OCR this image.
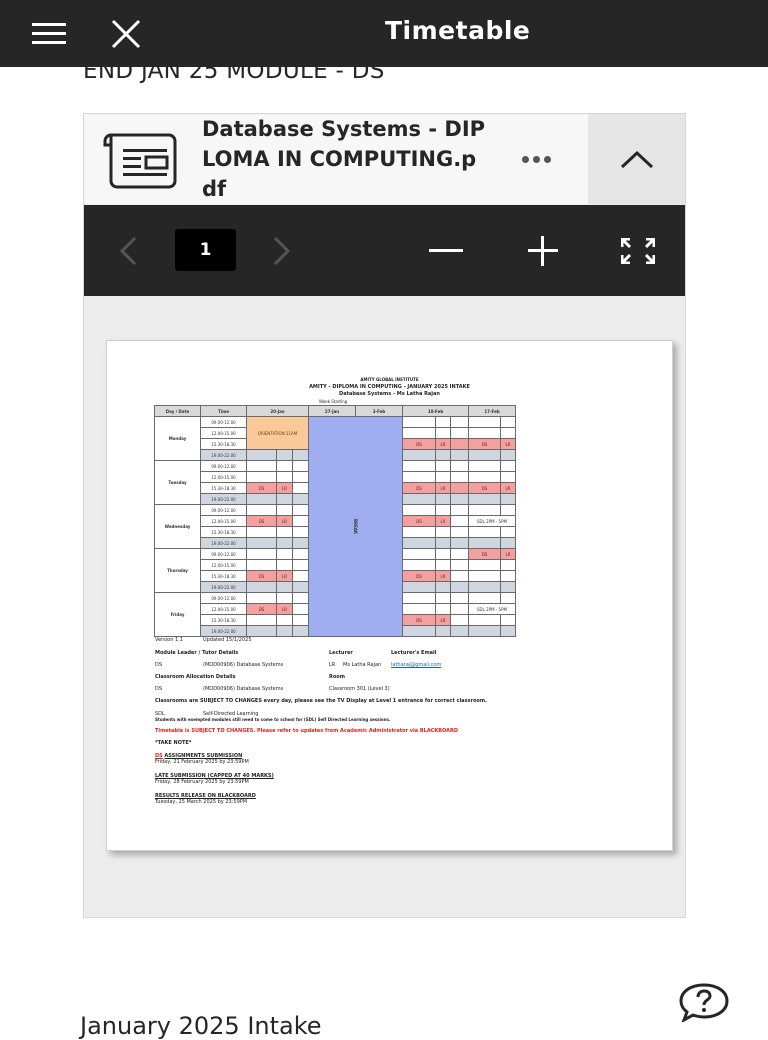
Timetable
END JAN 25 MODULE - DS
Database Systems - DIPLOMA IN COMPUTING.pdf
1
AMITY GLOBAL INSTITUTE
AMITY - DIPLOMA IN COMPUTING - JANUARY 2025 INTAKE
Database Systems - Ms Latha Rajan
Week Starting
Day / Date	Time	20-Jan			27-Jan	3-Feb	10-Feb			17-Feb	
Monday	09.00-12.00	ORIENTATION 11AM			BREAK						
	12.00-15.00										
	15.30-18.30						DS	LR		DS	LR
	19.00-22.00										
Tuesday	09.00-12.00										
	12.00-15.00										
	15.30-18.30	DS	LR				DS	LR		DS	LR
	19.00-22.00										
Wednesday	09.00-12.00										
	12.00-15.00	DS	LR				DS	LR		SDL 2PM - 5PM	
	15.30-18.30										
	19.00-22.00										
Thursday	09.00-12.00									DS	LR
	12.00-15.00										
	15.30-18.30	DS	LR				DS	LR			
	19.00-22.00										
Friday	09.00-12.00										
	12.00-15.00	DS	LR							SDL 2PM - 5PM	
	15.30-18.30						DS	LR			
	19.00-22.00										
Version 1.1	Updated 15/1/2025
Module Leader / Tutor Details	Lecturer	Lecturer's Email
DS	(MOD00906) Database Systems	LR Ms Latha Rajan latharaj@gmail.com
Classroom Allocation Details	Room
DS	(MOD00906) Database Systems	Classroom 301 (Level 3)
Classrooms are SUBJECT TO CHANGES every day, please see the TV Display at Level 1 entrance for correct classroom.
SDL	Self-Directed Learning
Students with exempted modules still need to come to school for (SDL) Self Directed Learning sessions.
Timetable is SUBJECT TO CHANGES. Please refer to updates from Academic Administrator via BLACKBOARD
*TAKE NOTE*
DS ASSIGNMENTS SUBMISSION
Friday, 21 February 2025 by 23:59PM
LATE SUBMISSION (CAPPED AT 40 MARKS)
Friday, 28 February 2025 by 23:59PM
RESULTS RELEASE ON BLACKBOARD
Tuesday, 25 March 2025 by 23:59PM
January 2025 Intake
